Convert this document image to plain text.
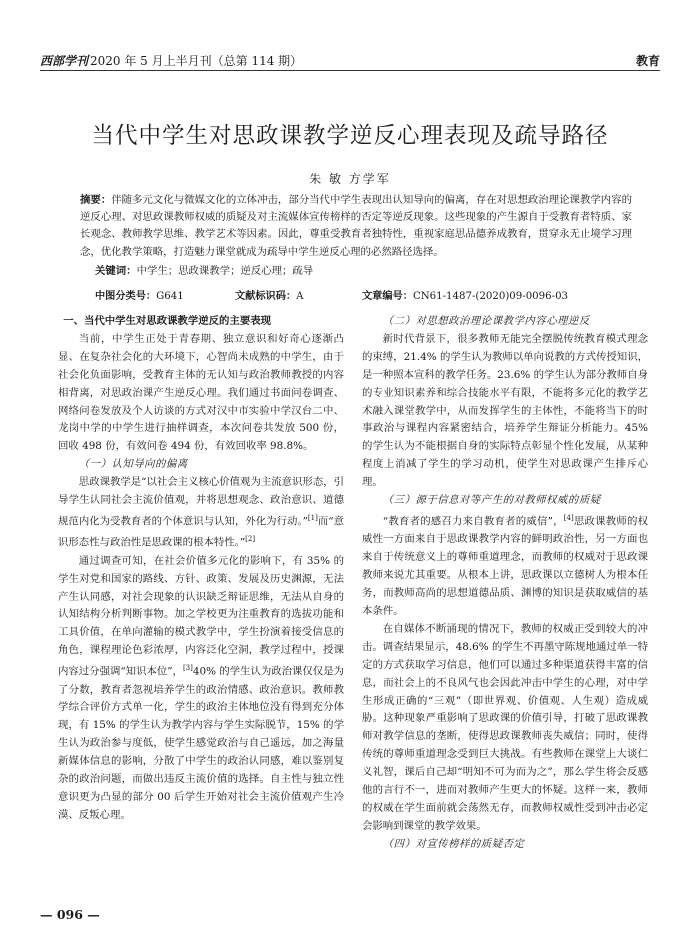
西部学刊 2020 年 5 月上半月刊（总第 114 期）	教育
当代中学生对思政课教学逆反心理表现及疏导路径
朱 敏 方学军
摘要：伴随多元文化与微媒文化的立体冲击，部分当代中学生表现出认知导向的偏离，存在对思想政治理论课教学内容的逆反心理、对思政课教师权威的质疑及对主流媒体宣传榜样的否定等逆反现象。这些现象的产生源自于受教育者特质、家长观念、教师教学思维、教学艺术等因素。因此，尊重受教育者独特性，重视家庭思品德养成教育，贯穿永无止境学习理念，优化教学策略，打造魅力课堂就成为疏导中学生逆反心理的必然路径选择。
关键词：中学生；思政课教学；逆反心理；疏导
中图分类号：G641	文献标识码：A	文章编号：CN61-1487-(2020)09-0096-03
一、当代中学生对思政课教学逆反的主要表现

当前，中学生正处于青春期、独立意识和好奇心逐渐凸显、在复杂社会化的大环境下，心智尚未成熟的中学生，由于社会化负面影响，受教育主体的无认知与政治教师教授的内容相背离，对思政治课产生逆反心理。我们通过书面问卷调查、网络问卷发放及个人访谈的方式对汉中市实验中学汉台二中、龙岗中学的中学生进行抽样调查，本次问卷共发放 500 份，回收 498 份，有效问卷 494 份，有效回收率 98.8%。

（一）认知导向的偏离

思政课教学是“以社会主义核心价值观为主流意识形态，引导学生认同社会主流价值观，并将思想观念、政治意识、道德规范内化为受教育者的个体意识与认知，外化为行动。”[1]而“意识形态性与政治性是思政课的根本特性。”[2]

通过调查可知，在社会价值多元化的影响下，有 35% 的学生对党和国家的路线、方针、政策、发展及历史渊源，无法产生认同感，对社会现象的认识缺乏辩证思维，无法从自身的认知结构分析判断事物。加之学校更为注重教育的选拔功能和工具价值，在单向灌输的模式教学中，学生扮演着接受信息的角色，课程理论色彩浓厚，内容泛化空洞，教学过程中，授课内容过分强调“知识本位”，[3]40% 的学生认为政治课仅仅是为了分数，教育者忽视培养学生的政治情感、政治意识。教师教学综合评价方式单一化，学生的政治主体地位没有得到充分体现，有 15% 的学生认为教学内容与学生实际脱节，15% 的学生认为政治参与度低，使学生感觉政治与自己遥远，加之海量新媒体信息的影响，分散了中学生的政治认同感，难以鉴别复杂的政治问题，而做出违反主流价值的选择。自主性与独立性意识更为凸显的部分 00 后学生开始对社会主流价值观产生冷漠、反叛心理。

（二）对思想政治理论课教学内容心理逆反

新时代背景下，很多教师无能完全摆脱传统教育模式理念的束缚，21.4% 的学生认为教师以单向说教的方式传授知识，是一种照本宣科的教学任务。23.6% 的学生认为部分教师自身的专业知识素养和综合技能水平有限，不能将多元化的教学艺术融入课堂教学中，从而发挥学生的主体性，不能将当下的时事政治与课程内容紧密结合，培养学生辩证分析能力。45% 的学生认为不能根据自身的实际特点彰显个性化发展，从某种程度上消减了学生的学习动机，使学生对思政课产生排斥心理。

（三）源于信息对等产生的对教师权威的质疑

“教育者的感召力来自教育者的威信”，[4]思政课教师的权威性一方面来自于思政课教学内容的鲜明政治性，另一方面也来自于传统意义上的尊师重道理念，而教师的权威对于思政课教师来说尤其重要。从根本上讲，思政课以立德树人为根本任务，而教师高尚的思想道德品质、渊博的知识是获取威信的基本条件。

在自媒体不断涌现的情况下，教师的权威正受到较大的冲击。调查结果显示，48.6% 的学生不再墨守陈规地通过单一特定的方式获取学习信息，他们可以通过多种渠道获得丰富的信息，而社会上的不良风气也会因此冲击中学生的心理，对中学生形成正确的“三观”（即世界观、价值观、人生观）造成威胁。这种现象严重影响了思政课的价值引导，打破了思政课教师对教学信息的垄断，使得思政课教师丧失威信；同时，使得传统的尊师重道理念受到巨大挑战。有些教师在课堂上大谈仁义礼智，课后自己却“明知不可为而为之”，那么学生将会反感他的言行不一，进而对教师产生更大的怀疑。这样一来，教师的权威在学生面前就会荡然无存，而教师权威性受到冲击必定会影响到课堂的教学效果。

（四）对宣传榜样的质疑否定
— 096 —
